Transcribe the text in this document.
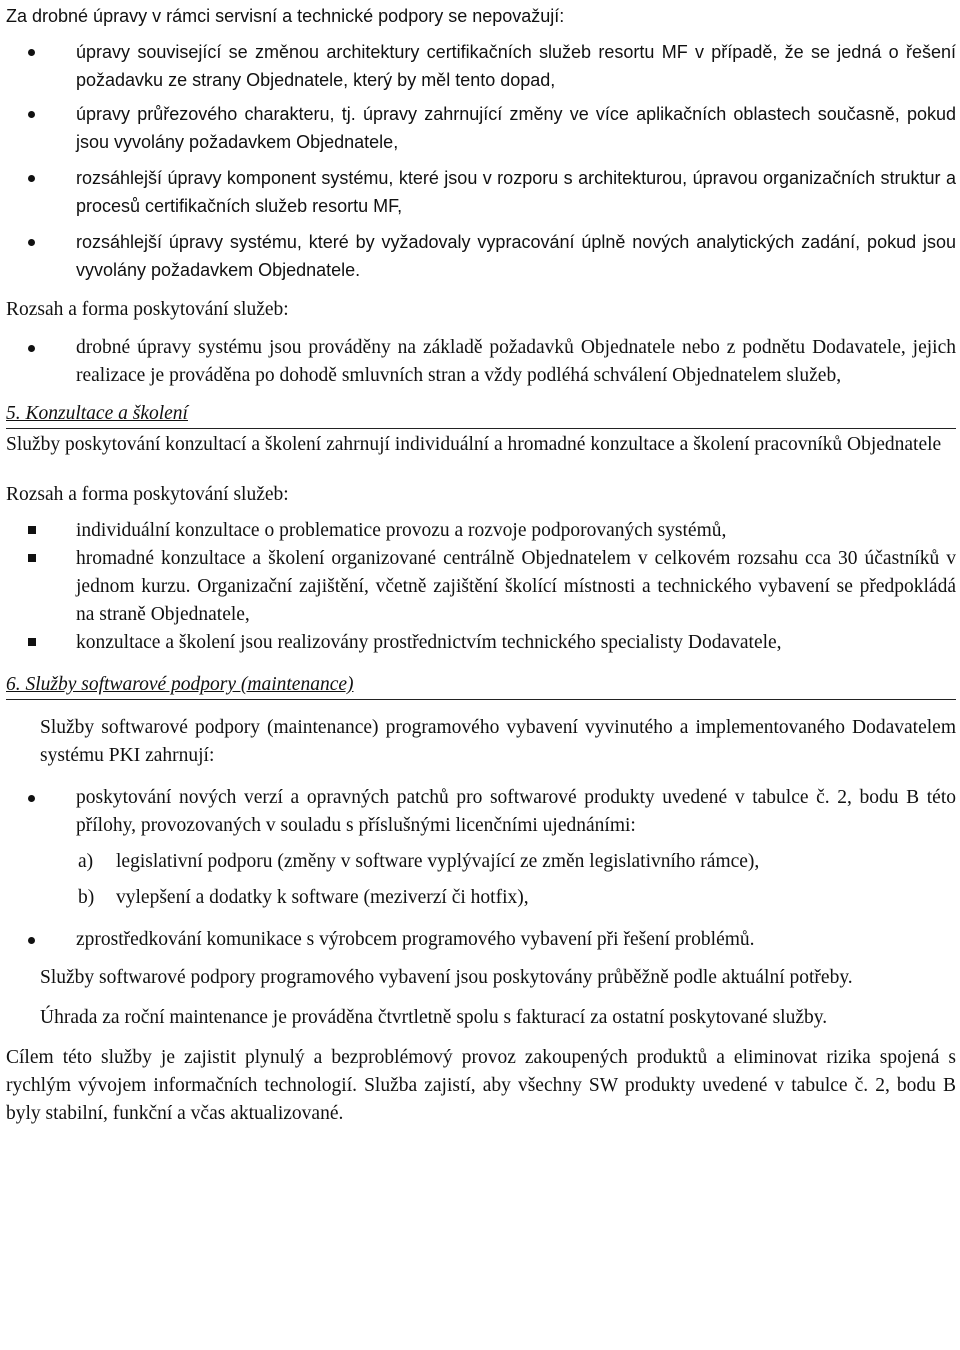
Za drobné úpravy v rámci servisní a technické podpory se nepovažují:

úpravy související se změnou architektury certifikačních služeb resortu MF v případě, že se jedná o řešení požadavku ze strany Objednatele, který by měl tento dopad,
úpravy průřezového charakteru, tj. úpravy zahrnující změny ve více aplikačních oblastech současně, pokud jsou vyvolány požadavkem Objednatele,
rozsáhlejší úpravy komponent systému, které jsou v rozporu s architekturou, úpravou organizačních struktur a procesů certifikačních služeb resortu MF,
rozsáhlejší úpravy systému, které by vyžadovaly vypracování úplně nových analytických zadání, pokud jsou vyvolány požadavkem Objednatele.

Rozsah a forma poskytování služeb:

drobné úpravy systému jsou prováděny na základě požadavků Objednatele nebo z podnětu Dodavatele, jejich realizace je prováděna po dohodě smluvních stran a vždy podléhá schválení Objednatelem služeb,

5. Konzultace a školení

Služby poskytování konzultací a školení zahrnují individuální a hromadné konzultace a školení pracovníků Objednatele

Rozsah a forma poskytování služeb:

individuální konzultace o problematice provozu a rozvoje podporovaných systémů,
hromadné konzultace a školení organizované centrálně Objednatelem v celkovém rozsahu cca 30 účastníků v jednom kurzu. Organizační zajištění, včetně zajištění školící místnosti a technického vybavení se předpokládá na straně Objednatele,
konzultace a školení jsou realizovány prostřednictvím technického specialisty Dodavatele,

6. Služby softwarové podpory (maintenance)

Služby softwarové podpory (maintenance) programového vybavení vyvinutého a implementovaného Dodavatelem systému PKI zahrnují:

poskytování nových verzí a opravných patchů pro softwarové produkty uvedené v tabulce č. 2, bodu B této přílohy, provozovaných v souladu s příslušnými licenčními ujednáními:
a) legislativní podporu (změny v software vyplývající ze změn legislativního rámce),
b) vylepšení a dodatky k software (meziverzí či hotfix),
zprostředkování komunikace s výrobcem programového vybavení při řešení problémů.

Služby softwarové podpory programového vybavení jsou poskytovány průběžně podle aktuální potřeby.

Úhrada za roční maintenance je prováděna čtvrtletně spolu s fakturací za ostatní poskytované služby.

Cílem této služby je zajistit plynulý a bezproblémový provoz zakoupených produktů a eliminovat rizika spojená s rychlým vývojem informačních technologií. Služba zajistí, aby všechny SW produkty uvedené v tabulce č. 2, bodu B byly stabilní, funkční a včas aktualizované.
